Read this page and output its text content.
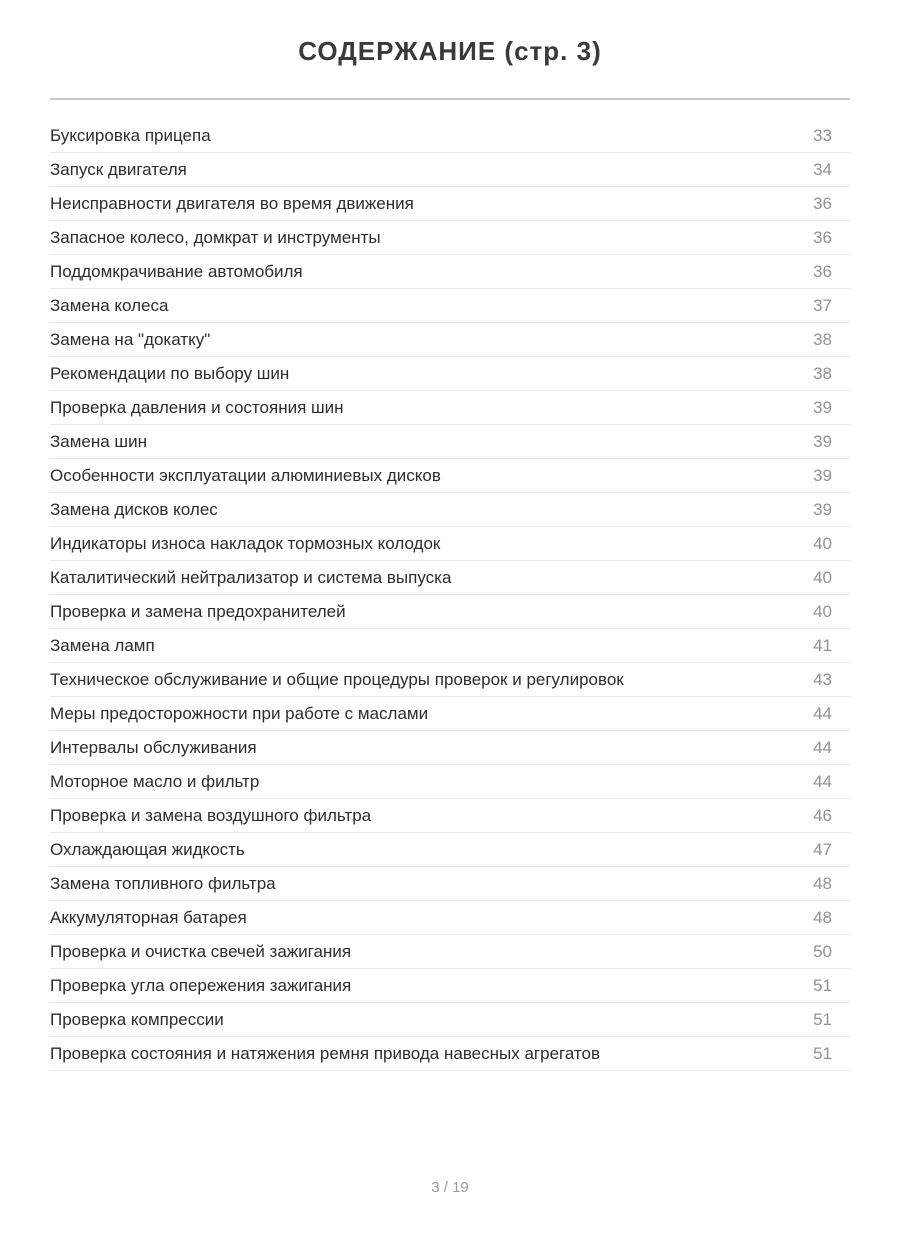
СОДЕРЖАНИЕ (стр. 3)
Буксировка прицепа	33
Запуск двигателя	34
Неисправности двигателя во время движения	36
Запасное колесо, домкрат и инструменты	36
Поддомкрачивание автомобиля	36
Замена колеса	37
Замена на "докатку"	38
Рекомендации по выбору шин	38
Проверка давления и состояния шин	39
Замена шин	39
Особенности эксплуатации алюминиевых дисков	39
Замена дисков колес	39
Индикаторы износа накладок тормозных колодок	40
Каталитический нейтрализатор и система выпуска	40
Проверка и замена предохранителей	40
Замена ламп	41
Техническое обслуживание и общие процедуры проверок и регулировок	43
Меры предосторожности при работе с маслами	44
Интервалы обслуживания	44
Моторное масло и фильтр	44
Проверка и замена воздушного фильтра	46
Охлаждающая жидкость	47
Замена топливного фильтра	48
Аккумуляторная батарея	48
Проверка и очистка свечей зажигания	50
Проверка угла опережения зажигания	51
Проверка компрессии	51
Проверка состояния и натяжения ремня привода навесных агрегатов	51
3 / 19
